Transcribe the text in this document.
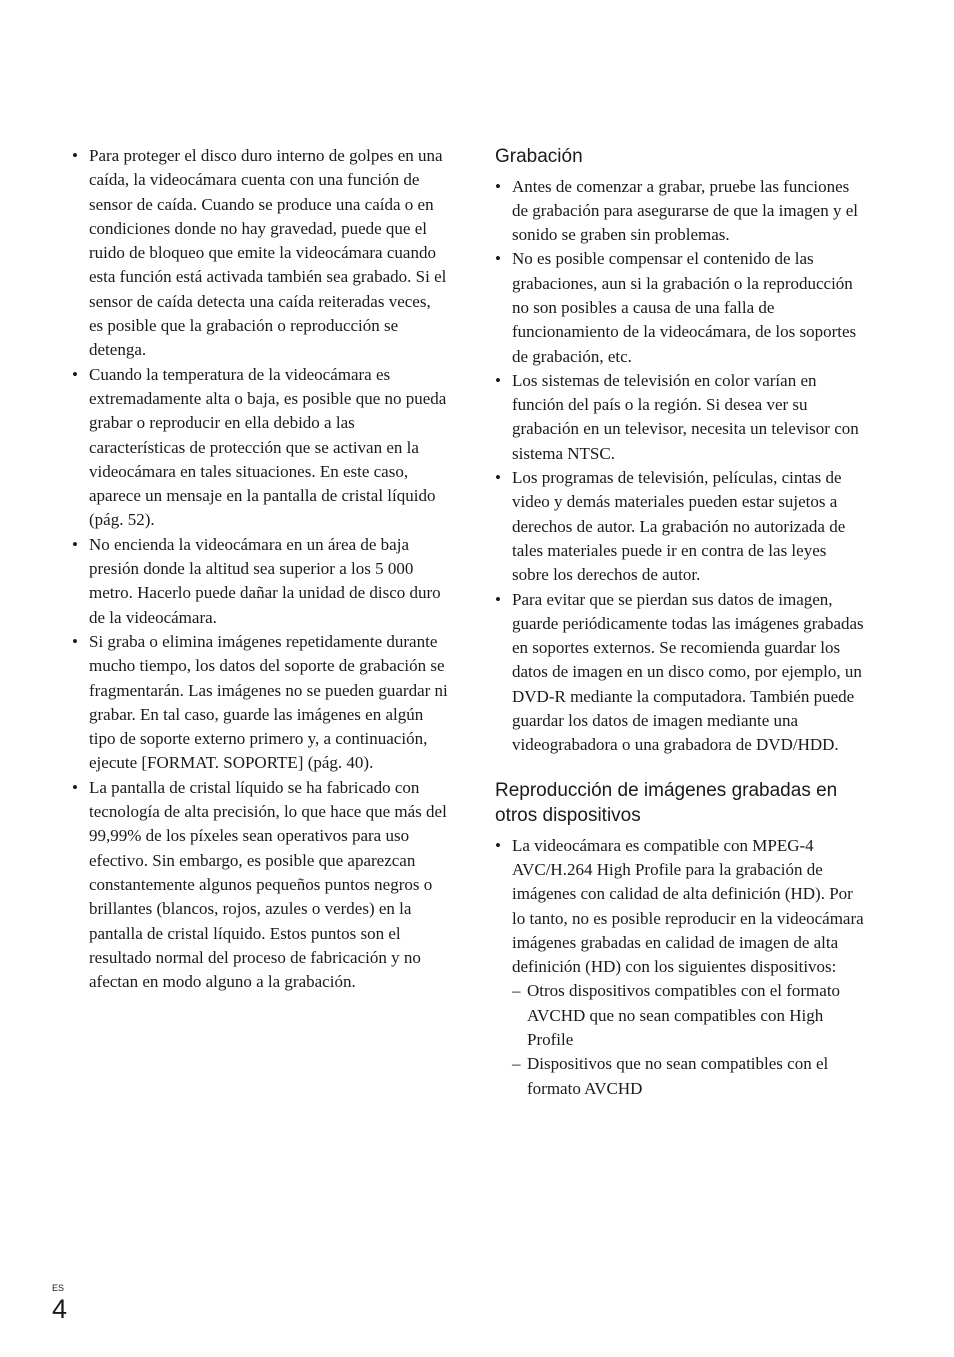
• Para proteger el disco duro interno de golpes en una caída, la videocámara cuenta con una función de sensor de caída. Cuando se produce una caída o en condiciones donde no hay gravedad, puede que el ruido de bloqueo que emite la videocámara cuando esta función está activada también sea grabado. Si el sensor de caída detecta una caída reiteradas veces, es posible que la grabación o reproducción se detenga.
• Cuando la temperatura de la videocámara es extremadamente alta o baja, es posible que no pueda grabar o reproducir en ella debido a las características de protección que se activan en la videocámara en tales situaciones. En este caso, aparece un mensaje en la pantalla de cristal líquido (pág. 52).
• No encienda la videocámara en un área de baja presión donde la altitud sea superior a los 5 000 metro. Hacerlo puede dañar la unidad de disco duro de la videocámara.
• Si graba o elimina imágenes repetidamente durante mucho tiempo, los datos del soporte de grabación se fragmentarán. Las imágenes no se pueden guardar ni grabar. En tal caso, guarde las imágenes en algún tipo de soporte externo primero y, a continuación, ejecute [FORMAT. SOPORTE] (pág. 40).
• La pantalla de cristal líquido se ha fabricado con tecnología de alta precisión, lo que hace que más del 99,99% de los píxeles sean operativos para uso efectivo. Sin embargo, es posible que aparezcan constantemente algunos pequeños puntos negros o brillantes (blancos, rojos, azules o verdes) en la pantalla de cristal líquido. Estos puntos son el resultado normal del proceso de fabricación y no afectan en modo alguno a la grabación.
Grabación
• Antes de comenzar a grabar, pruebe las funciones de grabación para asegurarse de que la imagen y el sonido se graben sin problemas.
• No es posible compensar el contenido de las grabaciones, aun si la grabación o la reproducción no son posibles a causa de una falla de funcionamiento de la videocámara, de los soportes de grabación, etc.
• Los sistemas de televisión en color varían en función del país o la región. Si desea ver su grabación en un televisor, necesita un televisor con sistema NTSC.
• Los programas de televisión, películas, cintas de video y demás materiales pueden estar sujetos a derechos de autor. La grabación no autorizada de tales materiales puede ir en contra de las leyes sobre los derechos de autor.
• Para evitar que se pierdan sus datos de imagen, guarde periódicamente todas las imágenes grabadas en soportes externos. Se recomienda guardar los datos de imagen en un disco como, por ejemplo, un DVD-R mediante la computadora. También puede guardar los datos de imagen mediante una videograbadora o una grabadora de DVD/HDD.
Reproducción de imágenes grabadas en otros dispositivos
• La videocámara es compatible con MPEG-4 AVC/H.264 High Profile para la grabación de imágenes con calidad de alta definición (HD). Por lo tanto, no es posible reproducir en la videocámara imágenes grabadas en calidad de imagen de alta definición (HD) con los siguientes dispositivos:
– Otros dispositivos compatibles con el formato AVCHD que no sean compatibles con High Profile
– Dispositivos que no sean compatibles con el formato AVCHD
ES
4
